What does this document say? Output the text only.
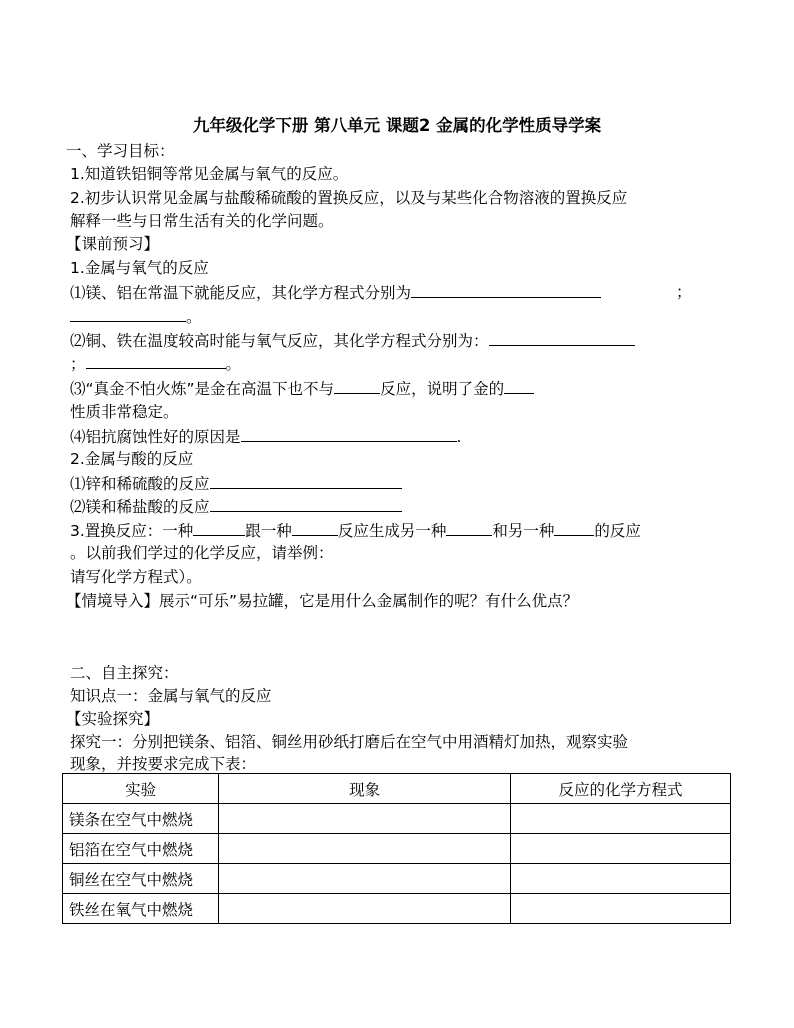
九年级化学下册 第八单元 课题2 金属的化学性质导学案
一、学习目标：
1.知道铁铝铜等常见金属与氧气的反应。
2.初步认识常见金属与盐酸稀硫酸的置换反应，以及与某些化合物溶液的置换反应
解释一些与日常生活有关的化学问题。
【课前预习】
1.金属与氧气的反应
⑴镁、铝在常温下就能反应，其化学方程式分别为	；
。
⑵铜、铁在温度较高时能与氧气反应，其化学方程式分别为：
；	。
⑶“真金不怕火炼”是金在高温下也不与	反应，说明了金的
性质非常稳定。
⑷铝抗腐蚀性好的原因是	.
2.金属与酸的反应
⑴锌和稀硫酸的反应
⑵镁和稀盐酸的反应
3.置换反应：一种	跟一种	反应生成另一种	和另一种	的反应
。以前我们学过的化学反应，请举例：
请写化学方程式）。
【情境导入】展示“可乐”易拉罐，它是用什么金属制作的呢？有什么优点？
二、自主探究：
知识点一：金属与氧气的反应
【实验探究】
探究一：分别把镁条、铝箔、铜丝用砂纸打磨后在空气中用酒精灯加热，观察实验
现象，并按要求完成下表：
实验	现象	反应的化学方程式
镁条在空气中燃烧		
铝箔在空气中燃烧		
铜丝在空气中燃烧		
铁丝在氧气中燃烧		
